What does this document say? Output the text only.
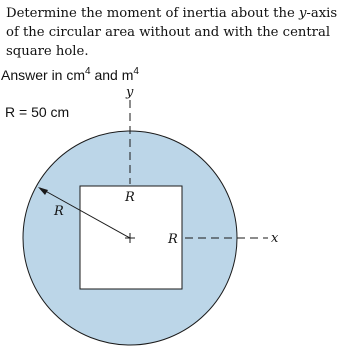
Determine the moment of inertia about the y-axis
of the circular area without and with the central
square hole.
Answer in $cm^4$ and $m^4$
R = 50 cm
y
x
R
R
R
